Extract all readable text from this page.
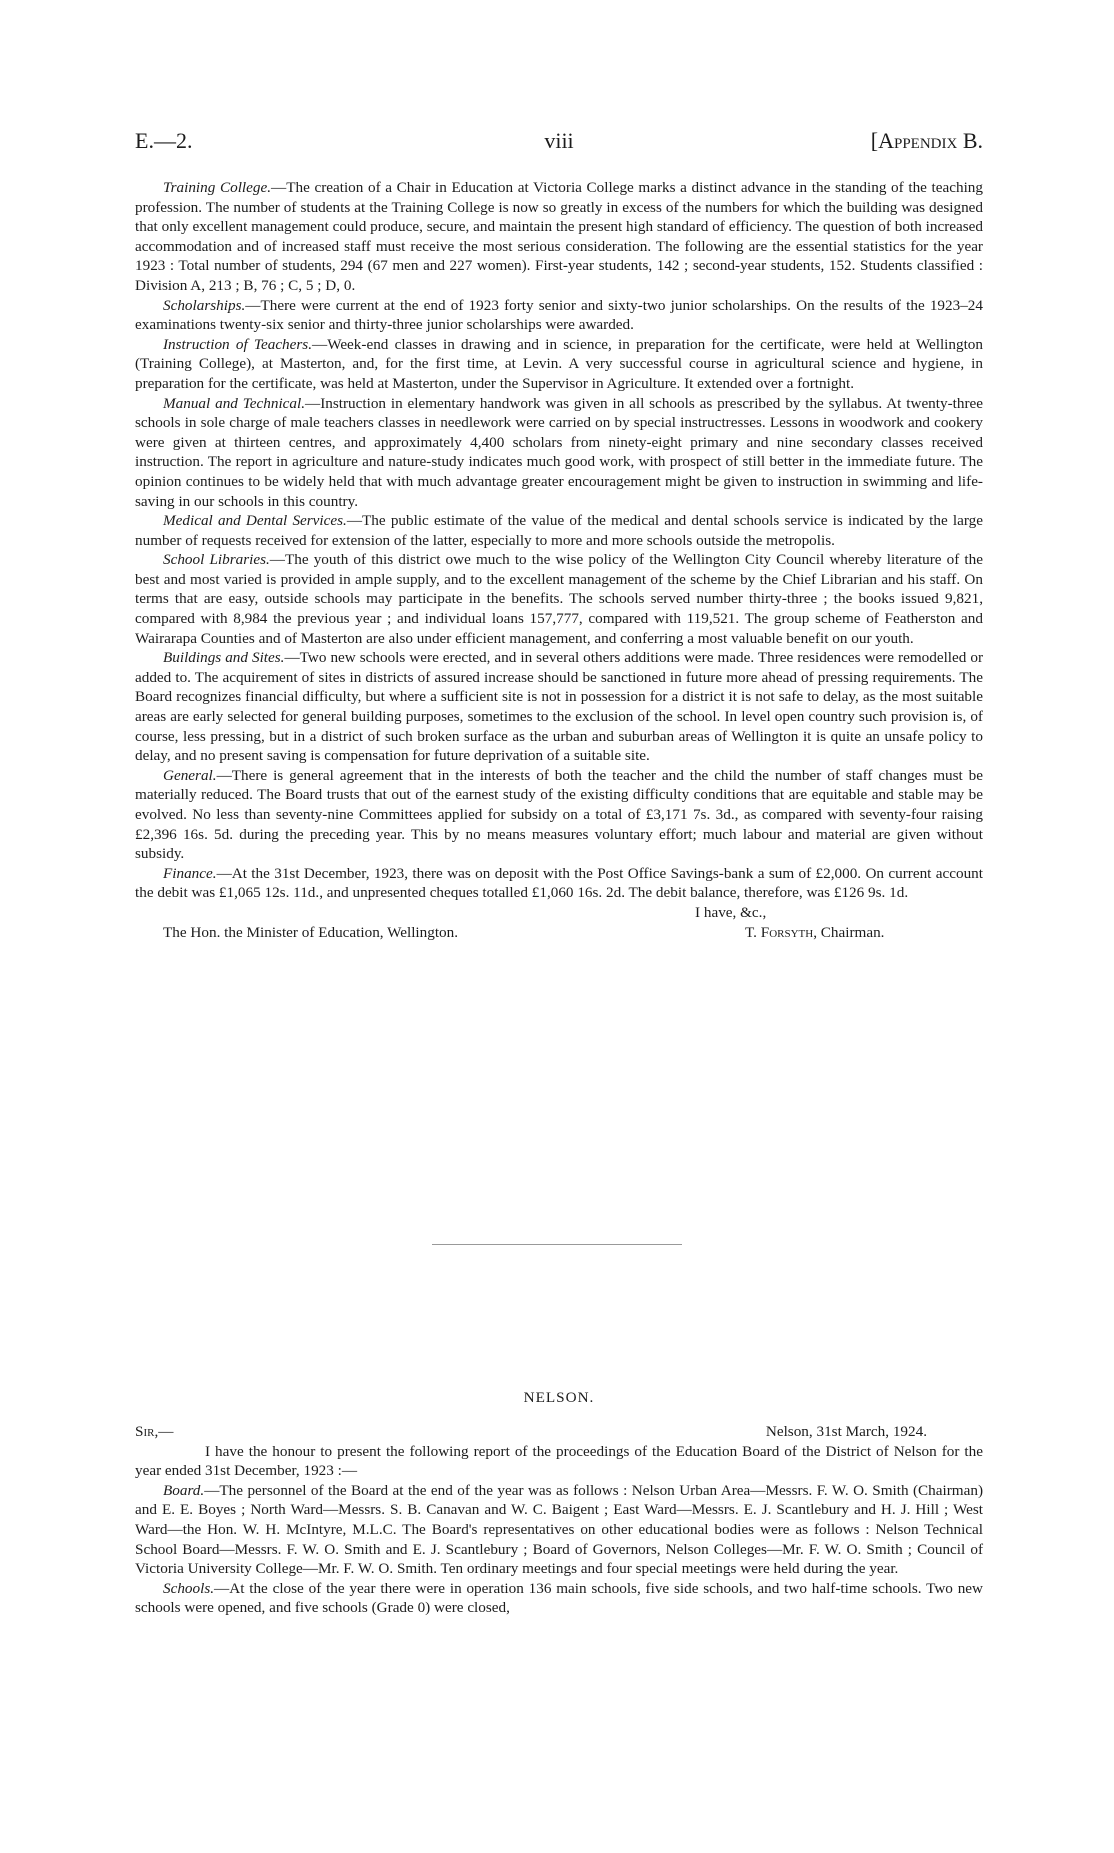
E.—2.	viii	[Appendix B.

Training College.—The creation of a Chair in Education at Victoria College marks a distinct advance in the standing of the teaching profession. The number of students at the Training College is now so greatly in excess of the numbers for which the building was designed that only excellent management could produce, secure, and maintain the present high standard of efficiency. The question of both increased accommodation and of increased staff must receive the most serious consideration. The following are the essential statistics for the year 1923 : Total number of students, 294 (67 men and 227 women). First-year students, 142 ; second-year students, 152. Students classified : Division A, 213 ; B, 76 ; C, 5 ; D, 0.

Scholarships.—There were current at the end of 1923 forty senior and sixty-two junior scholarships. On the results of the 1923–24 examinations twenty-six senior and thirty-three junior scholarships were awarded.

Instruction of Teachers.—Week-end classes in drawing and in science, in preparation for the certificate, were held at Wellington (Training College), at Masterton, and, for the first time, at Levin. A very successful course in agricultural science and hygiene, in preparation for the certificate, was held at Masterton, under the Supervisor in Agriculture. It extended over a fortnight.

Manual and Technical.—Instruction in elementary handwork was given in all schools as prescribed by the syllabus. At twenty-three schools in sole charge of male teachers classes in needlework were carried on by special instructresses. Lessons in woodwork and cookery were given at thirteen centres, and approximately 4,400 scholars from ninety-eight primary and nine secondary classes received instruction. The report in agriculture and nature-study indicates much good work, with prospect of still better in the immediate future. The opinion continues to be widely held that with much advantage greater encouragement might be given to instruction in swimming and life-saving in our schools in this country.

Medical and Dental Services.—The public estimate of the value of the medical and dental schools service is indicated by the large number of requests received for extension of the latter, especially to more and more schools outside the metropolis.

School Libraries.—The youth of this district owe much to the wise policy of the Wellington City Council whereby literature of the best and most varied is provided in ample supply, and to the excellent management of the scheme by the Chief Librarian and his staff. On terms that are easy, outside schools may participate in the benefits. The schools served number thirty-three ; the books issued 9,821, compared with 8,984 the previous year ; and individual loans 157,777, compared with 119,521. The group scheme of Featherston and Wairarapa Counties and of Masterton are also under efficient management, and conferring a most valuable benefit on our youth.

Buildings and Sites.—Two new schools were erected, and in several others additions were made. Three residences were remodelled or added to. The acquirement of sites in districts of assured increase should be sanctioned in future more ahead of pressing requirements. The Board recognizes financial difficulty, but where a sufficient site is not in possession for a district it is not safe to delay, as the most suitable areas are early selected for general building purposes, sometimes to the exclusion of the school. In level open country such provision is, of course, less pressing, but in a district of such broken surface as the urban and suburban areas of Wellington it is quite an unsafe policy to delay, and no present saving is compensation for future deprivation of a suitable site.

General.—There is general agreement that in the interests of both the teacher and the child the number of staff changes must be materially reduced. The Board trusts that out of the earnest study of the existing difficulty conditions that are equitable and stable may be evolved. No less than seventy-nine Committees applied for subsidy on a total of £3,171 7s. 3d., as compared with seventy-four raising £2,396 16s. 5d. during the preceding year. This by no means measures voluntary effort; much labour and material are given without subsidy.

Finance.—At the 31st December, 1923, there was on deposit with the Post Office Savings-bank a sum of £2,000. On current account the debit was £1,065 12s. 11d., and unpresented cheques totalled £1,060 16s. 2d. The debit balance, therefore, was £126 9s. 1d.

I have, &c.,
The Hon. the Minister of Education, Wellington.	T. Forsyth, Chairman.
NELSON.
Sir,—	Nelson, 31st March, 1924.

I have the honour to present the following report of the proceedings of the Education Board of the District of Nelson for the year ended 31st December, 1923 :—

Board.—The personnel of the Board at the end of the year was as follows : Nelson Urban Area—Messrs. F. W. O. Smith (Chairman) and E. E. Boyes ; North Ward—Messrs. S. B. Canavan and W. C. Baigent ; East Ward—Messrs. E. J. Scantlebury and H. J. Hill ; West Ward—the Hon. W. H. McIntyre, M.L.C. The Board's representatives on other educational bodies were as follows : Nelson Technical School Board—Messrs. F. W. O. Smith and E. J. Scantlebury ; Board of Governors, Nelson Colleges—Mr. F. W. O. Smith ; Council of Victoria University College—Mr. F. W. O. Smith. Ten ordinary meetings and four special meetings were held during the year.

Schools.—At the close of the year there were in operation 136 main schools, five side schools, and two half-time schools. Two new schools were opened, and five schools (Grade 0) were closed,
